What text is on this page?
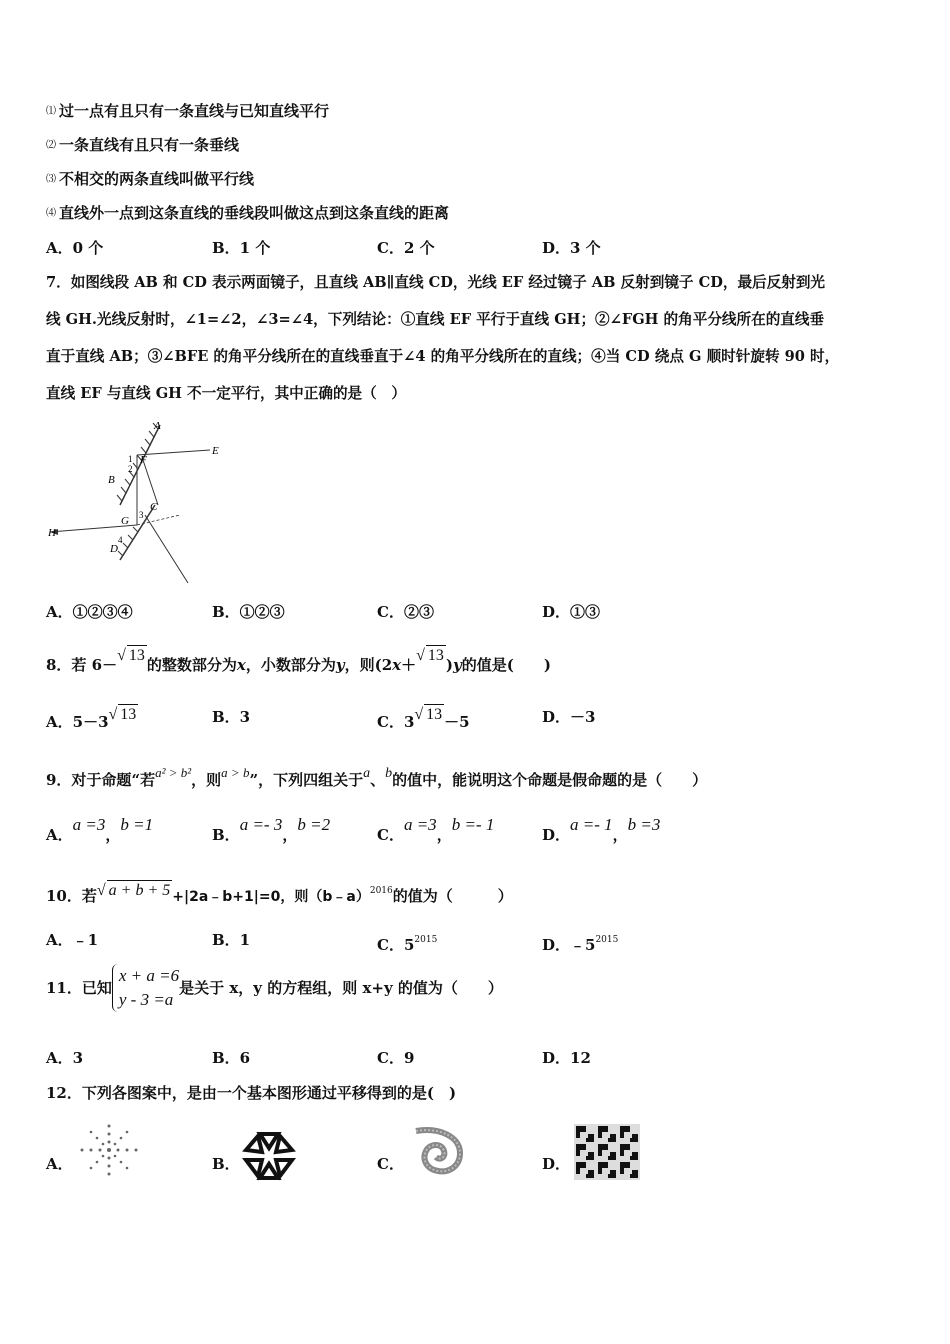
⑴ 过一点有且只有一条直线与已知直线平行
⑵ 一条直线有且只有一条垂线
⑶ 不相交的两条直线叫做平行线
⑷ 直线外一点到这条直线的垂线段叫做这点到这条直线的距离
A．0 个	B．1 个	C．2 个	D．3 个
7．如图线段 AB 和 CD 表示两面镜子，且直线 AB∥直线 CD，光线 EF 经过镜子 AB 反射到镜子 CD，最后反射到光
线 GH.光线反射时，∠1=∠2，∠3=∠4，下列结论：①直线 EF 平行于直线 GH；②∠FGH 的角平分线所在的直线垂
直于直线 AB；③∠BFE 的角平分线所在的直线垂直于∠4 的角平分线所在的直线；④当 CD 绕点 G 顺时针旋转 90 时，
直线 EF 与直线 GH 不一定平行，其中正确的是（　）
A
B
C
D
E
F
G
H
1
2
3
4
A．①②③④	B．①②③	C．②③	D．①③
8．若 6－√ 13的整数部分为x，小数部分为y，则(2x＋√ 13)y的值是(　　)
A．5－3√ 13	B．3	C．3√ 13 －5	D．－3
9．对于命题“若a² > b²，则a > b”，下列四组关于a、b的值中，能说明这个命题是假命题的是（　　）
A．a =3，b =1
B．a =- 3，b =2
C．a =3，b =- 1
D．a =- 1，b =3
10．若√ a + b + 5 +|2a﹣b+1|=0，则（b﹣a）$^{2016}$的值为（　　　）
A．﹣1	B．1	C．$5^{2015}$	D．$﹣5^{2015}$
11．已知
x + a =6
y - 3 =a
是关于 x，y 的方程组，则 x+y 的值为（　　）
A．3	B．6	C．9	D．12
12．下列各图案中，是由一个基本图形通过平移得到的是(　)
A．	B．	C．	D．
